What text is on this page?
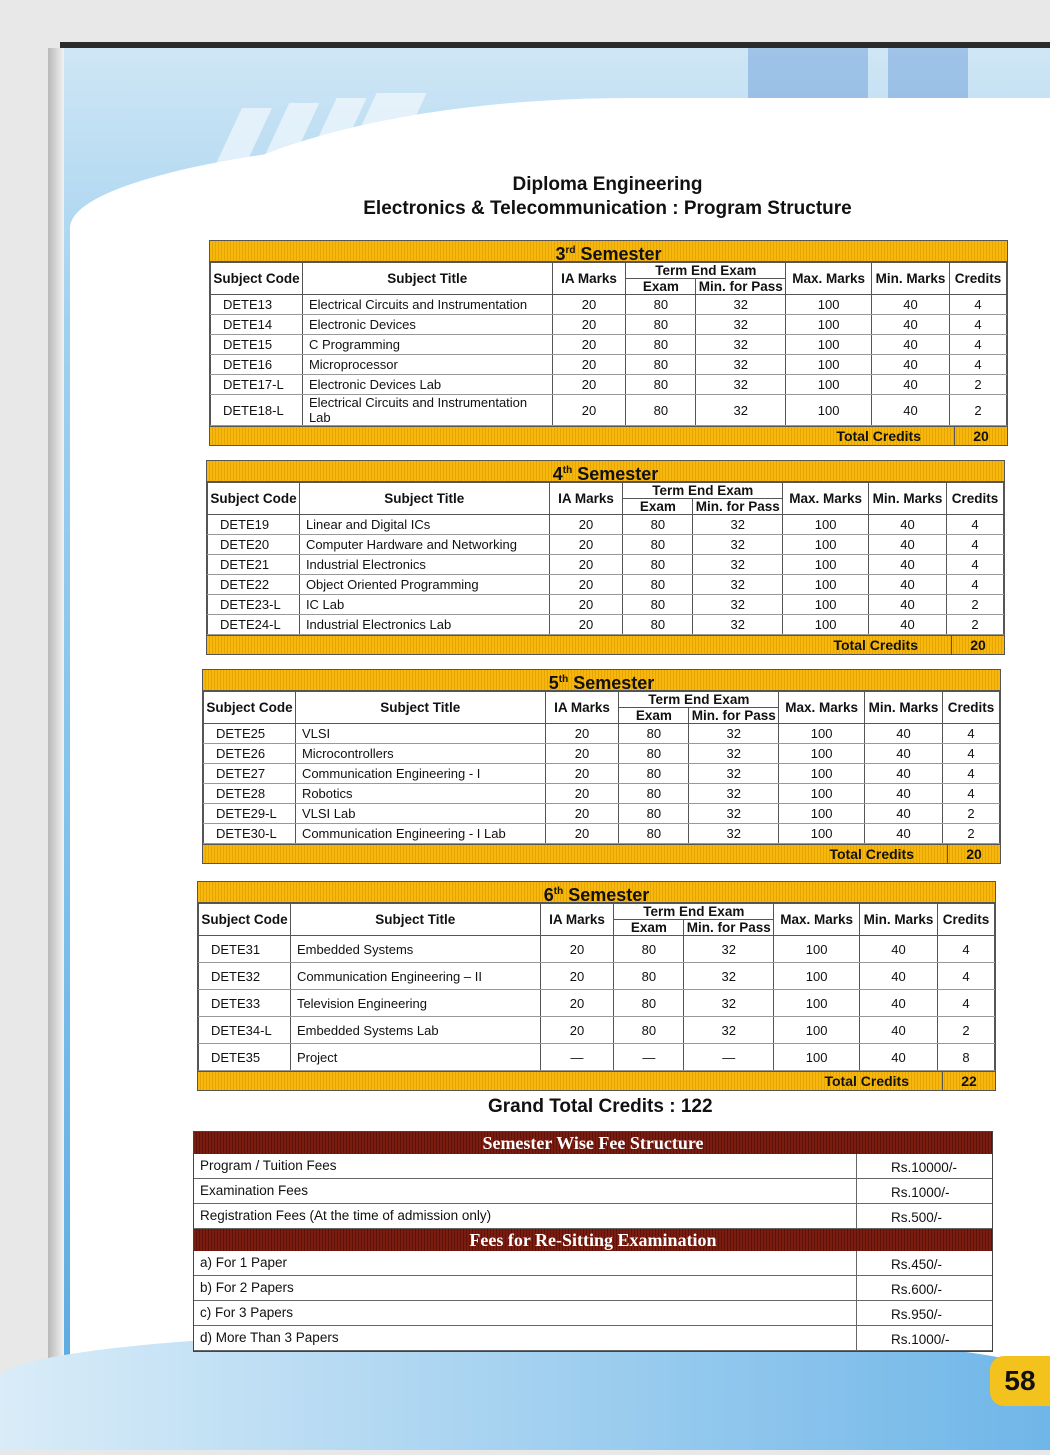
Diploma Engineering
Electronics & Telecommunication : Program Structure
3rd Semester
Subject Code	Subject Title	IA Marks	Term End Exam		Max. Marks	Min. Marks	Credits
			Exam	Min. for Pass			
DETE13	Electrical Circuits and Instrumentation	20	80	32	100	40	4
DETE14	Electronic Devices	20	80	32	100	40	4
DETE15	C Programming	20	80	32	100	40	4
DETE16	Microprocessor	20	80	32	100	40	4
DETE17-L	Electronic Devices Lab	20	80	32	100	40	2
DETE18-L	Electrical Circuits and Instrumentation Lab	20	80	32	100	40	2
Total Credits	20
4th Semester
Subject Code	Subject Title	IA Marks	Term End Exam		Max. Marks	Min. Marks	Credits
			Exam	Min. for Pass			
DETE19	Linear and Digital ICs	20	80	32	100	40	4
DETE20	Computer Hardware and Networking	20	80	32	100	40	4
DETE21	Industrial Electronics	20	80	32	100	40	4
DETE22	Object Oriented Programming	20	80	32	100	40	4
DETE23-L	IC Lab	20	80	32	100	40	2
DETE24-L	Industrial Electronics Lab	20	80	32	100	40	2
Total Credits	20
5th Semester
Subject Code	Subject Title	IA Marks	Term End Exam		Max. Marks	Min. Marks	Credits
			Exam	Min. for Pass			
DETE25	VLSI	20	80	32	100	40	4
DETE26	Microcontrollers	20	80	32	100	40	4
DETE27	Communication Engineering - I	20	80	32	100	40	4
DETE28	Robotics	20	80	32	100	40	4
DETE29-L	VLSI Lab	20	80	32	100	40	2
DETE30-L	Communication Engineering - I Lab	20	80	32	100	40	2
Total Credits	20
6th Semester
Subject Code	Subject Title	IA Marks	Term End Exam		Max. Marks	Min. Marks	Credits
			Exam	Min. for Pass			
DETE31	Embedded Systems	20	80	32	100	40	4
DETE32	Communication Engineering – II	20	80	32	100	40	4
DETE33	Television Engineering	20	80	32	100	40	4
DETE34-L	Embedded Systems Lab	20	80	32	100	40	2
DETE35	Project	—	—	—	100	40	8
Total Credits	22
Grand Total Credits : 122
Semester Wise Fee Structure
Program / Tuition Fees	Rs.10000/-
Examination Fees	Rs.1000/-
Registration Fees (At the time of admission only)	Rs.500/-
Fees for Re-Sitting Examination
a) For 1 Paper	Rs.450/-
b) For 2 Papers	Rs.600/-
c) For 3 Papers	Rs.950/-
d) More Than 3 Papers	Rs.1000/-
58
